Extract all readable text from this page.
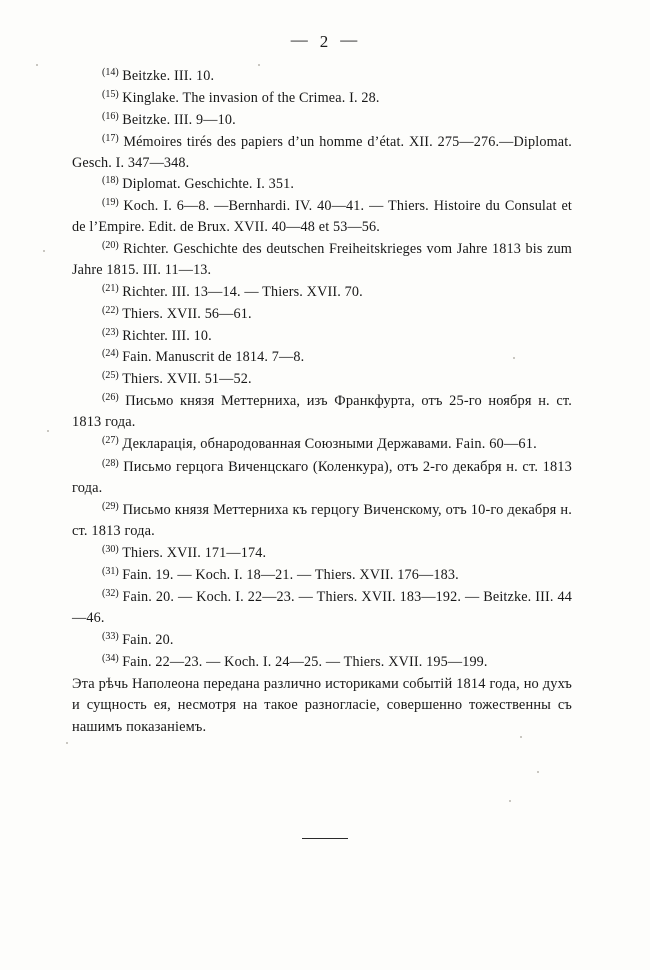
— 2 —

$^{(14)}$ Beitzke. III. 10.

$^{(15)}$ Kinglake. The invasion of the Crimea. I. 28.

$^{(16)}$ Beitzke. III. 9—10.

$^{(17)}$ Mémoires tirés des papiers d’un homme d’état. XII. 275—276.—Diplomat. Gesch. I. 347—348.

$^{(18)}$ Diplomat. Geschichte. I. 351.

$^{(19)}$ Koch. I. 6—8. —Bernhardi. IV. 40—41. — Thiers. Histoire du Consulat et de l’Empire. Edit. de Brux. XVII. 40—48 et 53—56.

$^{(20)}$ Richter. Geschichte des deutschen Freiheitskrieges vom Jahre 1813 bis zum Jahre 1815. III. 11—13.

$^{(21)}$ Richter. III. 13—14. — Thiers. XVII. 70.

$^{(22)}$ Thiers. XVII. 56—61.

$^{(23)}$ Richter. III. 10.

$^{(24)}$ Fain. Manuscrit de 1814. 7—8.

$^{(25)}$ Thiers. XVII. 51—52.

$^{(26)}$ Письмо князя Меттерниха, изъ Франкфурта, отъ 25-го ноября н. ст. 1813 года.

$^{(27)}$ Декларація, обнародованная Союзными Державами. Fain. 60—61.

$^{(28)}$ Письмо герцога Виченцскаго (Коленкура), отъ 2-го декабря н. ст. 1813 года.

$^{(29)}$ Письмо князя Меттерниха къ герцогу Виченскому, отъ 10-го декабря н. ст. 1813 года.

$^{(30)}$ Thiers. XVII. 171—174.

$^{(31)}$ Fain. 19. — Koch. I. 18—21. — Thiers. XVII. 176—183.

$^{(32)}$ Fain. 20. — Koch. I. 22—23. — Thiers. XVII. 183—192. — Beitzke. III. 44—46.

$^{(33)}$ Fain. 20.

$^{(34)}$ Fain. 22—23. — Koch. I. 24—25. — Thiers. XVII. 195—199.

Эта рѣчь Наполеона передана различно историками событій 1814 года, но духъ и сущность ея, несмотря на такое разногласіе, совершенно тожественны съ нашимъ показаніемъ.
